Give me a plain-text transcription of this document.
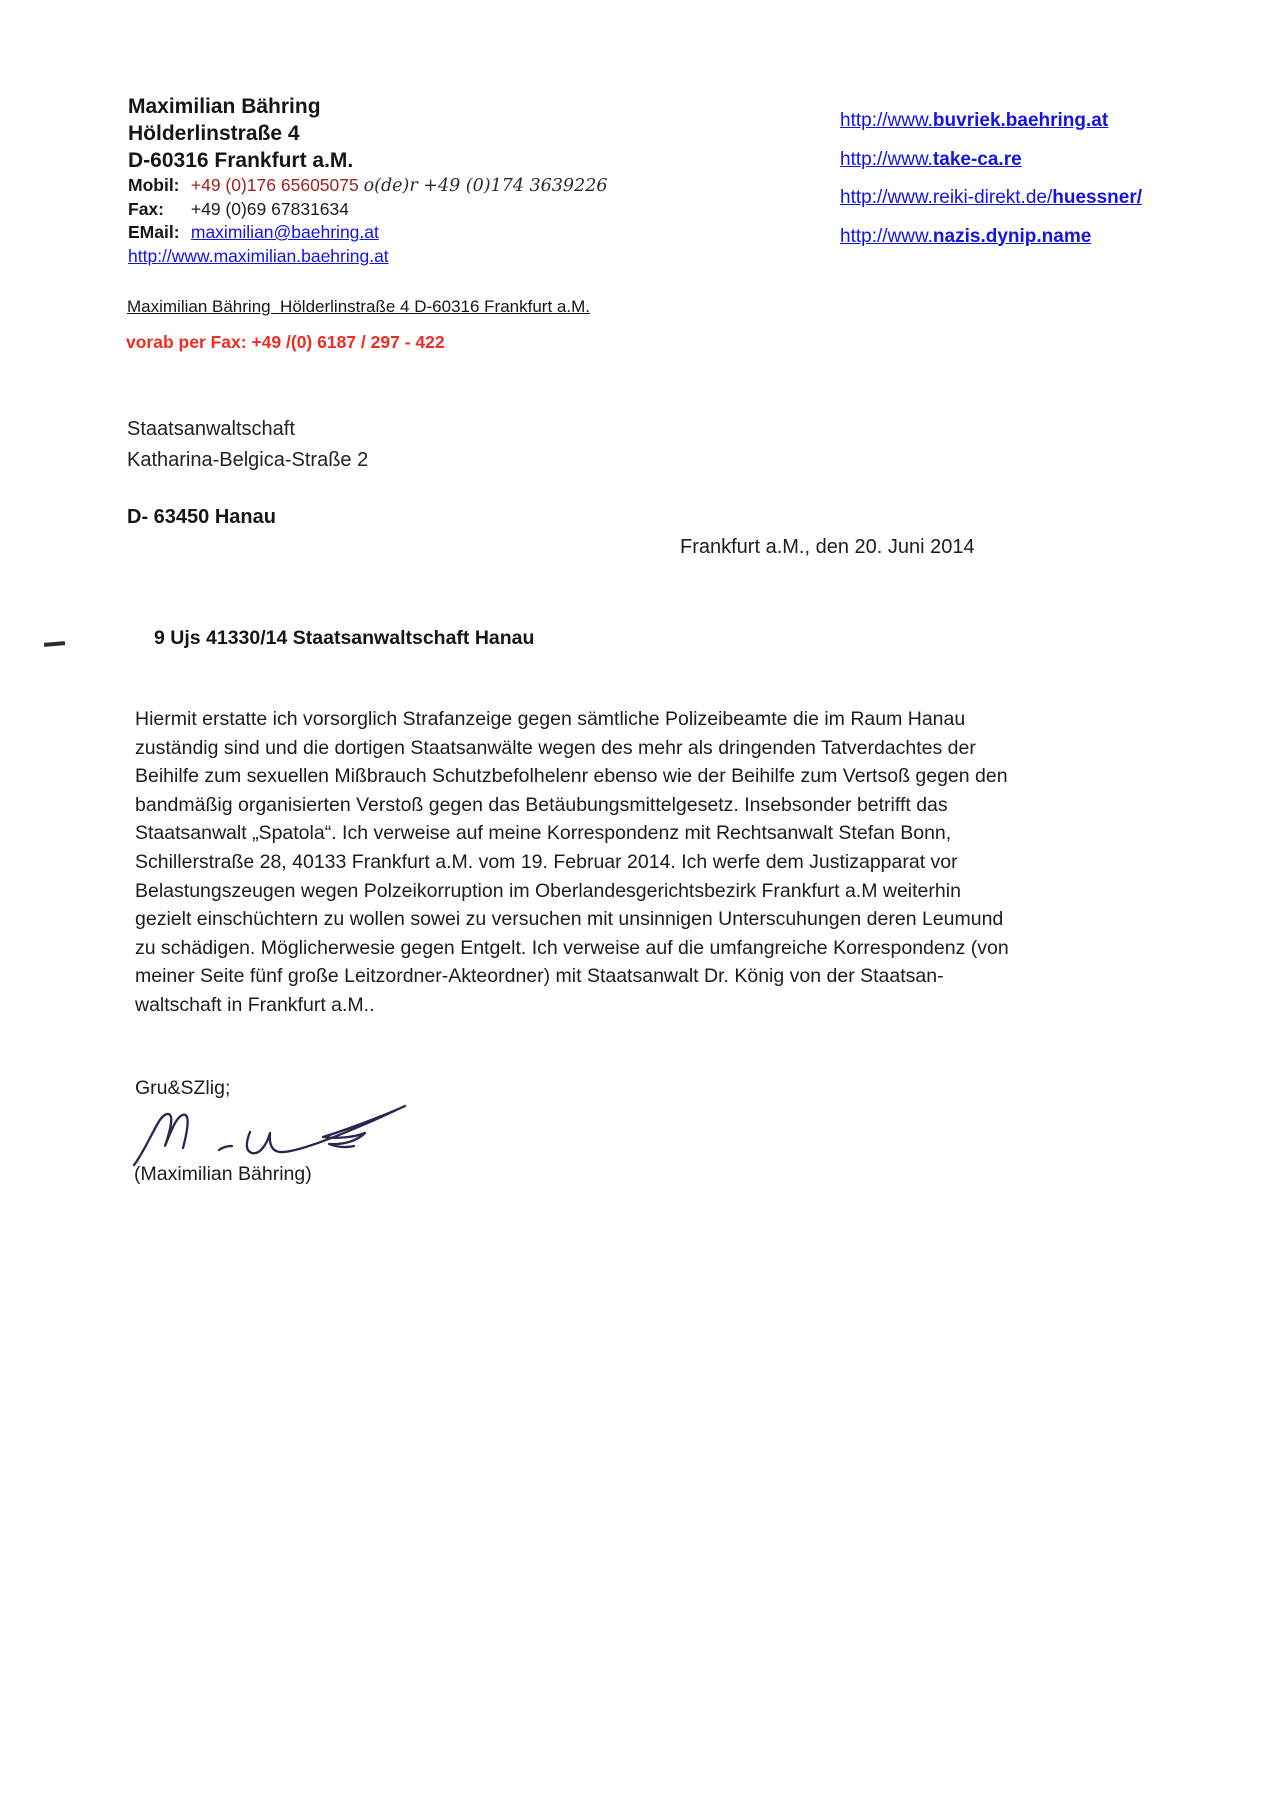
Maximilian Bähring
Hölderlinstraße 4
D-60316 Frankfurt a.M.
Mobil: +49 (0)176 65605075 o(de)r +49 (0)174 3639226
Fax: +49 (0)69 67831634
EMail: maximilian@baehring.at
http://www.maximilian.baehring.at
http://www.buvriek.baehring.at
http://www.take-ca.re
http://www.reiki-direkt.de/huessner/
http://www.nazis.dynip.name
Maximilian Bähring  Hölderlinstraße 4 D-60316 Frankfurt a.M.
vorab per Fax: +49 /(0) 6187 / 297 - 422
Staatsanwaltschaft
Katharina-Belgica-Straße 2
D- 63450 Hanau
Frankfurt a.M., den 20. Juni 2014
9 Ujs 41330/14 Staatsanwaltschaft Hanau
Hiermit erstatte ich vorsorglich Strafanzeige gegen sämtliche Polizeibeamte die im Raum Hanau
zuständig sind und die dortigen Staatsanwälte wegen des mehr als dringenden Tatverdachtes der
Beihilfe zum sexuellen Mißbrauch Schutzbefolhelenr ebenso wie der Beihilfe zum Vertsoß gegen den
bandmäßig organisierten Verstoß gegen das Betäubungsmittelgesetz. Insebsonder betrifft das
Staatsanwalt „Spatola“. Ich verweise auf meine Korrespondenz mit Rechtsanwalt Stefan Bonn,
Schillerstraße 28, 40133 Frankfurt a.M. vom 19. Februar 2014. Ich werfe dem Justizapparat vor
Belastungszeugen wegen Polzeikorruption im Oberlandesgerichtsbezirk Frankfurt a.M weiterhin
gezielt einschüchtern zu wollen sowei zu versuchen mit unsinnigen Unterscuhungen deren Leumund
zu schädigen. Möglicherwesie gegen Entgelt. Ich verweise auf die umfangreiche Korrespondenz (von
meiner Seite fünf große Leitzordner-Akteordner) mit Staatsanwalt Dr. König von der Staatsan-
waltschaft in Frankfurt a.M..
Gru&SZlig;
(Maximilian Bähring)
